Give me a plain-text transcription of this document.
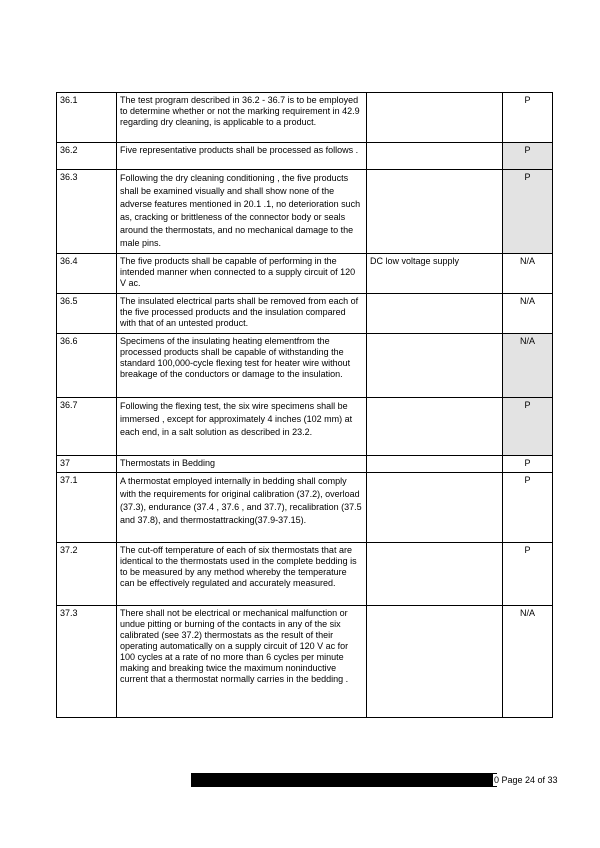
36.1	The test program described in 36.2 - 36.7 is to be employed to determine whether or not the marking requirement in 42.9 regarding dry cleaning, is applicable to a product.		P
36.2	Five representative products shall be processed as follows .		P
36.3	Following the dry cleaning conditioning , the five products shall be examined visually and shall show none of the adverse features mentioned in 20.1 .1, no deterioration such as, cracking or brittleness of the connector body or seals around the thermostats, and no mechanical damage to the male pins.		P
36.4	The five products shall be capable of performing in the intended manner when connected to a supply circuit of 120 V ac.	DC low voltage supply	N/A
36.5	The insulated electrical parts shall be removed from each of the five processed products and the insulation compared with that of an untested product.		N/A
36.6	Specimens of the insulating heating elementfrom the processed products shall be capable of withstanding the standard 100,000-cycle flexing test for heater wire without breakage of the conductors or damage to the insulation.		N/A
36.7	Following the flexing test, the six wire specimens shall be immersed , except for approximately 4 inches (102 mm) at each end, in a salt solution as described in 23.2.		P
37	Thermostats in Bedding		P
37.1	A thermostat employed internally in bedding shall comply with the requirements for original calibration (37.2), overload (37.3), endurance (37.4 , 37.6 , and 37.7), recalibration (37.5 and 37.8), and thermostattracking(37.9-37.15).		P
37.2	The cut-off temperature of each of six thermostats that are identical to the thermostats used in the complete bedding is to be measured by any method whereby the temperature can be effectively regulated and accurately measured.		P
37.3	There shall not be electrical or mechanical malfunction or undue pitting or burning of the contacts in any of the six calibrated (see 37.2) thermostats as the result of their operating automatically on a supply circuit of 120 V ac for 100 cycles at a rate of no more than 6 cycles per minute making and breaking twice the maximum noninductive current that a thermostat normally carries in the bedding .		N/A
0 Page 24 of 33
